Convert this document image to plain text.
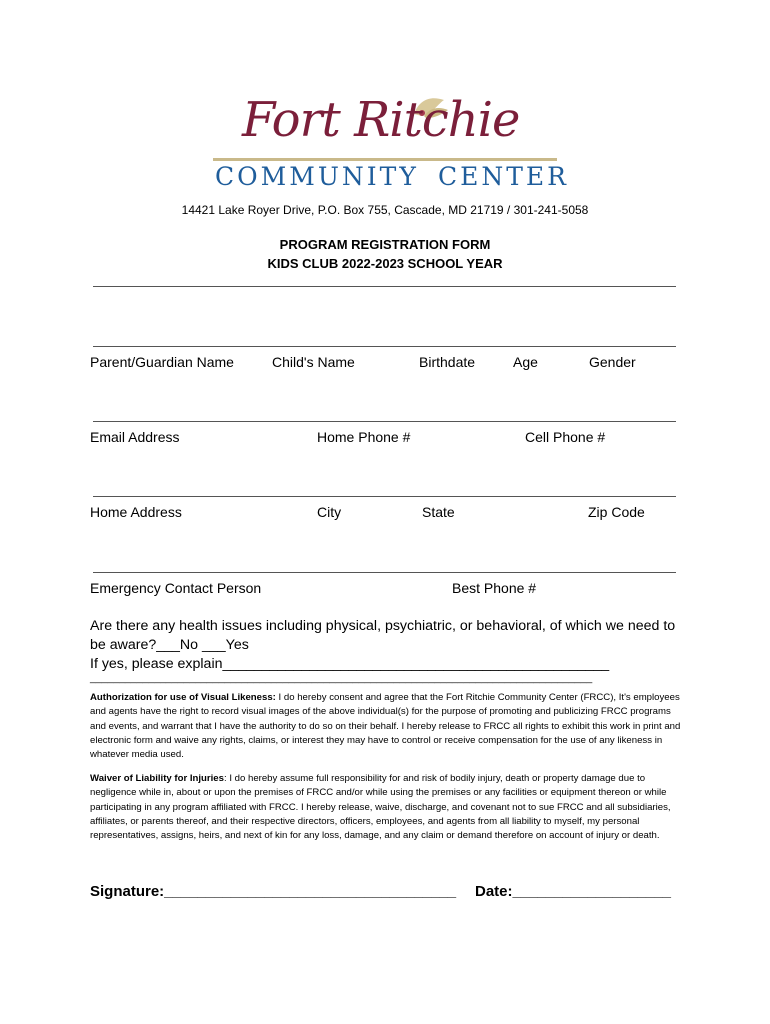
Fort Ritchie
COMMUNITY CENTER
14421 Lake Royer Drive, P.O. Box 755, Cascade, MD 21719 / 301-241-5058
PROGRAM REGISTRATION FORM
KIDS CLUB 2022-2023 SCHOOL YEAR
Parent/Guardian Name	Child's Name	Birthdate	Age	Gender
Email Address	Home Phone #	Cell Phone #
Home Address	City	State	Zip Code
Emergency Contact Person	Best Phone #
Are there any health issues including physical, psychiatric, or behavioral, of which we need to
be aware?___No ___Yes
If yes, please explain_________________________________________________
______________________________________________________________________________________
Authorization for use of Visual Likeness: I do hereby consent and agree that the Fort Ritchie Community Center (FRCC), It's employees and agents have the right to record visual images of the above individual(s) for the purpose of promoting and publicizing FRCC programs and events, and warrant that I have the authority to do so on their behalf. I hereby release to FRCC all rights to exhibit this work in print and electronic form and waive any rights, claims, or interest they may have to control or receive compensation for the use of any likeness in whatever media used.
Waiver of Liability for Injuries: I do hereby assume full responsibility for and risk of bodily injury, death or property damage due to negligence while in, about or upon the premises of FRCC and/or while using the premises or any facilities or equipment thereon or while participating in any program affiliated with FRCC. I hereby release, waive, discharge, and covenant not to sue FRCC and all subsidiaries, affiliates, or parents thereof, and their respective directors, officers, employees, and agents from all liability to myself, my personal representatives, assigns, heirs, and next of kin for any loss, damage, and any claim or demand therefore on account of injury or death.
Signature:___________________________________ Date:___________________
